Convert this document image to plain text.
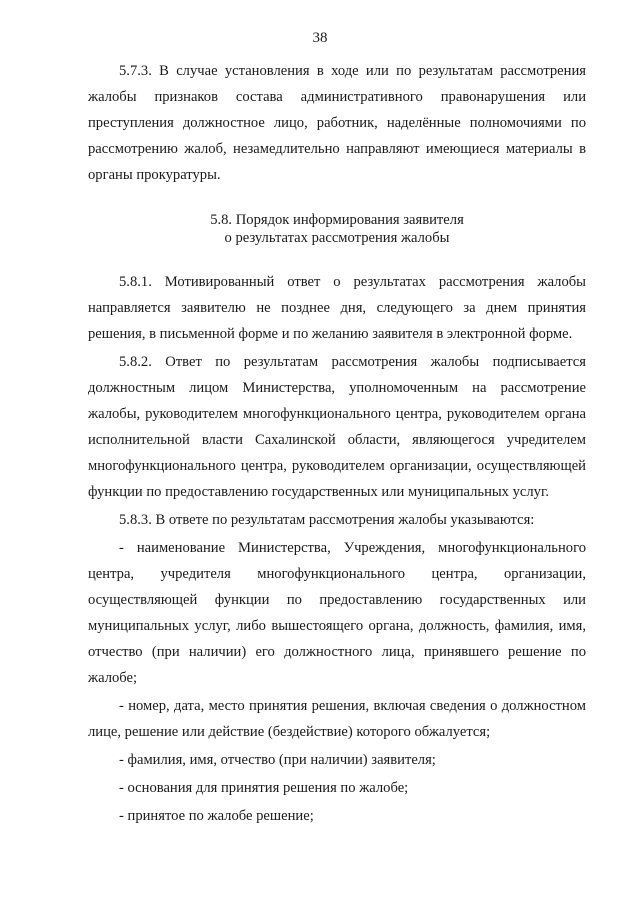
38

5.7.3. В случае установления в ходе или по результатам рассмотрения жалобы признаков состава административного правонарушения или преступления должностное лицо, работник, наделённые полномочиями по рассмотрению жалоб, незамедлительно направляют имеющиеся материалы в органы прокуратуры.

5.8. Порядок информирования заявителя
о результатах рассмотрения жалобы

5.8.1. Мотивированный ответ о результатах рассмотрения жалобы направляется заявителю не позднее дня, следующего за днем принятия решения, в письменной форме и по желанию заявителя в электронной форме.

5.8.2. Ответ по результатам рассмотрения жалобы подписывается должностным лицом Министерства, уполномоченным на рассмотрение жалобы, руководителем многофункционального центра, руководителем органа исполнительной власти Сахалинской области, являющегося учредителем многофункционального центра, руководителем организации, осуществляющей функции по предоставлению государственных или муниципальных услуг.

5.8.3. В ответе по результатам рассмотрения жалобы указываются:

- наименование Министерства, Учреждения, многофункционального центра, учредителя многофункционального центра, организации, осуществляющей функции по предоставлению государственных или муниципальных услуг, либо вышестоящего органа, должность, фамилия, имя, отчество (при наличии) его должностного лица, принявшего решение по жалобе;

- номер, дата, место принятия решения, включая сведения о должностном лице, решение или действие (бездействие) которого обжалуется;

- фамилия, имя, отчество (при наличии) заявителя;

- основания для принятия решения по жалобе;

- принятое по жалобе решение;
